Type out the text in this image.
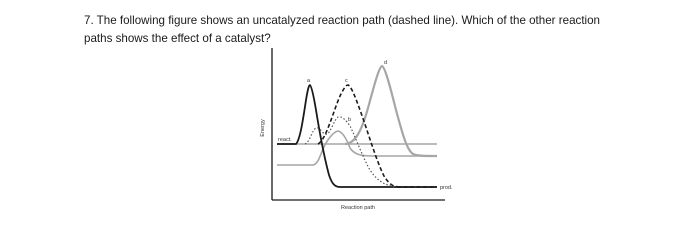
7. The following figure shows an uncatalyzed reaction path (dashed line). Which of the other reaction
paths shows the effect of a catalyst?
a	c
b
d
react.
prod.
Energy
Reaction path
